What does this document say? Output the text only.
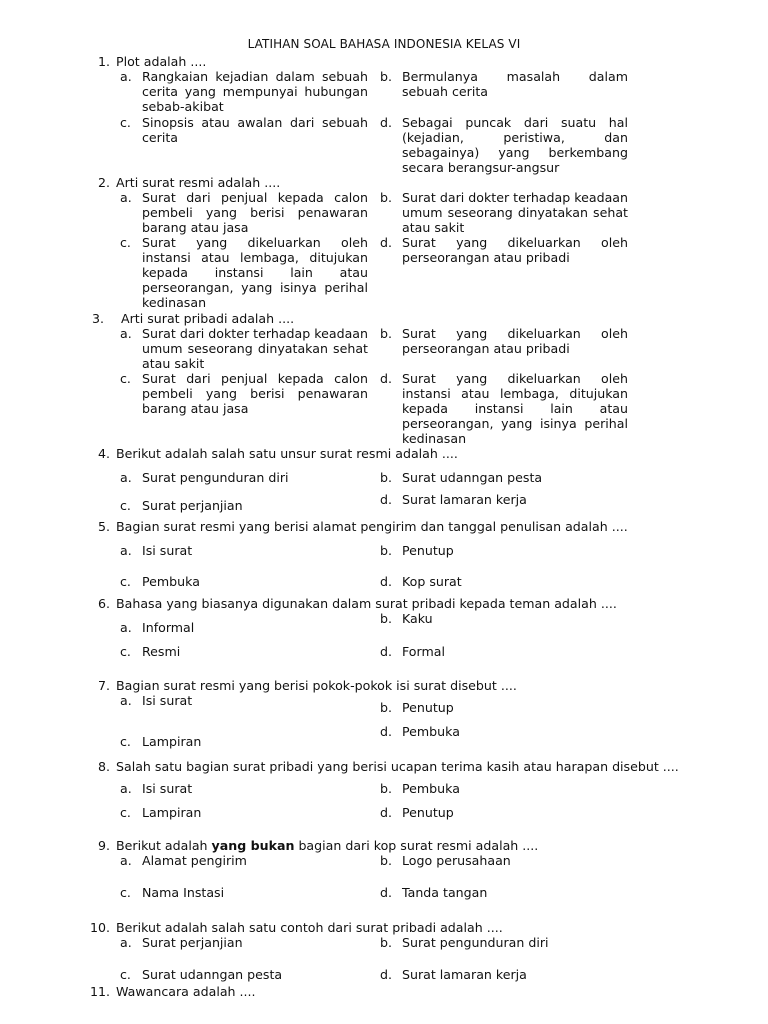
LATIHAN SOAL BAHASA INDONESIA KELAS VI
1. Plot adalah ....
a. Rangkaian kejadian dalam sebuah cerita yang mempunyai hubungan sebab-akibat
b. Bermulanya masalah dalam sebuah cerita
c. Sinopsis atau awalan dari sebuah cerita
d. Sebagai puncak dari suatu hal (kejadian, peristiwa, dan sebagainya) yang berkembang secara berangsur-angsur
2. Arti surat resmi adalah ....
a. Surat dari penjual kepada calon pembeli yang berisi penawaran barang atau jasa
b. Surat dari dokter terhadap keadaan umum seseorang dinyatakan sehat atau sakit
c. Surat yang dikeluarkan oleh instansi atau lembaga, ditujukan kepada instansi lain atau perseorangan, yang isinya perihal kedinasan
d. Surat yang dikeluarkan oleh perseorangan atau pribadi
3. Arti surat pribadi adalah ....
a. Surat dari dokter terhadap keadaan umum seseorang dinyatakan sehat atau sakit
b. Surat yang dikeluarkan oleh perseorangan atau pribadi
c. Surat dari penjual kepada calon pembeli yang berisi penawaran barang atau jasa
d. Surat yang dikeluarkan oleh instansi atau lembaga, ditujukan kepada instansi lain atau perseorangan, yang isinya perihal kedinasan
4. Berikut adalah salah satu unsur surat resmi adalah ....
a. Surat pengunduran diri	b. Surat udanngan pesta
c. Surat perjanjian	d. Surat lamaran kerja
5. Bagian surat resmi yang berisi alamat pengirim dan tanggal penulisan adalah ....
a. Isi surat	b. Penutup
c. Pembuka	d. Kop surat
6. Bahasa yang biasanya digunakan dalam surat pribadi kepada teman adalah ....
a. Informal
b. Kaku
c. Resmi	d. Formal
7. Bagian surat resmi yang berisi pokok-pokok isi surat disebut ....
a. Isi surat	b. Penutup
c. Lampiran
d. Pembuka
8. Salah satu bagian surat pribadi yang berisi ucapan terima kasih atau harapan disebut ....
a. Isi surat	b. Pembuka
c. Lampiran	d. Penutup
9. Berikut adalah yang bukan bagian dari kop surat resmi adalah ....
a. Alamat pengirim	b. Logo perusahaan
c. Nama Instasi	d. Tanda tangan
10. Berikut adalah salah satu contoh dari surat pribadi adalah ....
a. Surat perjanjian	b. Surat pengunduran diri
c. Surat udanngan pesta	d. Surat lamaran kerja
11. Wawancara adalah ....
